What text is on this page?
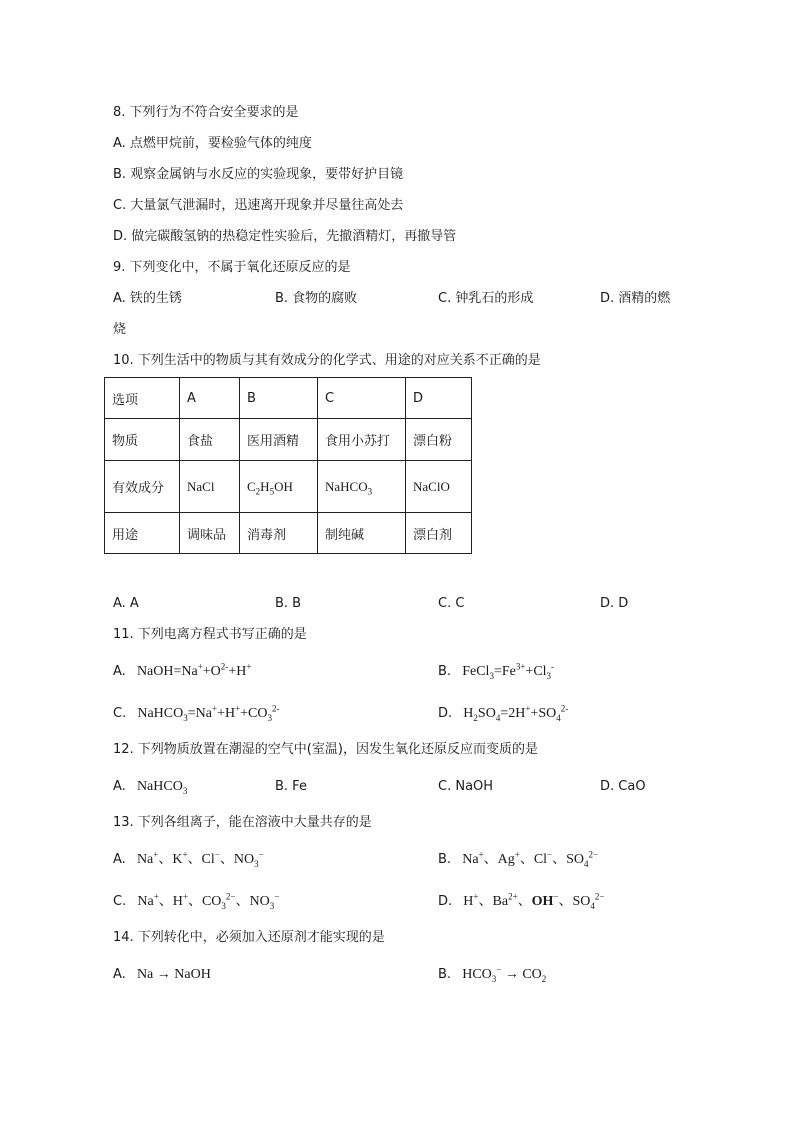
8. 下列行为不符合安全要求的是
A. 点燃甲烷前，要检验气体的纯度
B. 观察金属钠与水反应的实验现象，要带好护目镜
C. 大量氯气泄漏时，迅速离开现象并尽量往高处去
D. 做完碳酸氢钠的热稳定性实验后，先撤酒精灯，再撤导管
9. 下列变化中，不属于氧化还原反应的是
A. 铁的生锈	B. 食物的腐败	C. 钟乳石的形成	D. 酒精的燃
烧
10. 下列生活中的物质与其有效成分的化学式、用途的对应关系不正确的是
选项	A	B	C	D
物质	食盐	医用酒精	食用小苏打	漂白粉
有效成分	NaCl	$C_2H_5OH$	NaHCO$_3$	NaClO
用途	调味品	消毒剂	制纯碱	漂白剂
A. A	B. B	C. C	D. D
11. 下列电离方程式书写正确的是
A.   $NaOH=Na^++O^{2-}+H^+$	B.   $FeCl_3=Fe^{3+}+Cl_3^-$
C.   $NaHCO_3=Na^++H^++CO_3^{2-}$	D.   $H_2SO_4=2H^++SO_4^{2-}$
12. 下列物质放置在潮湿的空气中(室温)，因发生氧化还原反应而变质的是
A.   NaHCO$_3$	B. Fe	C. NaOH	D. CaO
13. 下列各组离子，能在溶液中大量共存的是
A.   Na+、K+、Cl−、$NO_3^-$	B.   Na+、Ag+、Cl−、$SO_4^{2-}$
C.   Na+、H+、$CO_3^{2-}$、$NO_3^-$	D.   H+、$Ba^{2+}$、OH−、$SO_4^{2-}$
14. 下列转化中，必须加入还原剂才能实现的是
A.   Na → NaOH	B.   $HCO_3^- \to CO_2$
